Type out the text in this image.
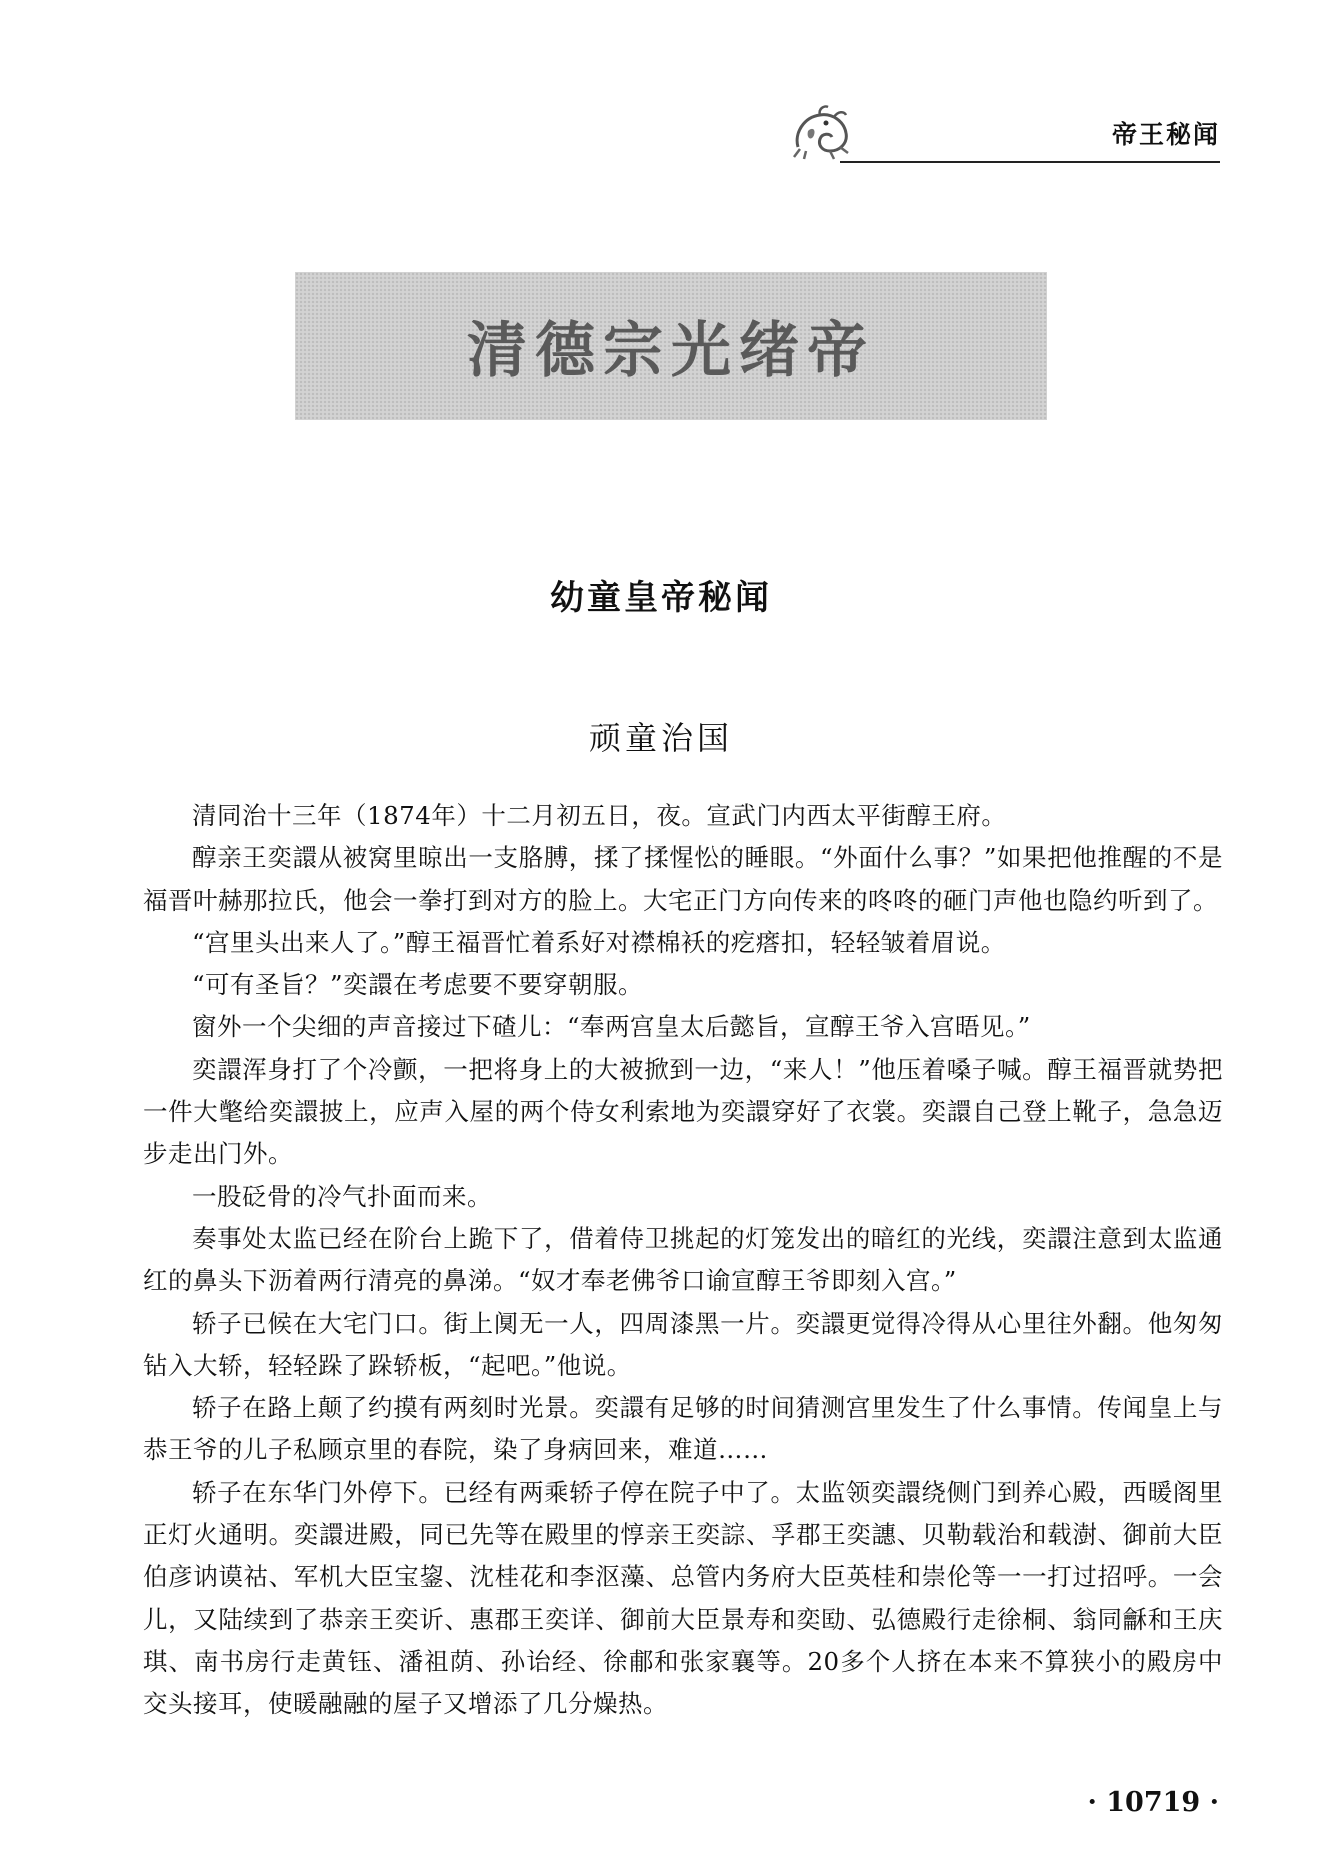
帝王秘闻
清德宗光绪帝
幼童皇帝秘闻
顽童治国

清同治十三年（1874年）十二月初五日，夜。宣武门内西太平街醇王府。

醇亲王奕譞从被窝里晾出一支胳膊，揉了揉惺忪的睡眼。“外面什么事？”如果把他推醒的不是福晋叶赫那拉氏，他会一拳打到对方的脸上。大宅正门方向传来的咚咚的砸门声他也隐约听到了。

“宫里头出来人了。”醇王福晋忙着系好对襟棉袄的疙瘩扣，轻轻皱着眉说。

“可有圣旨？”奕譞在考虑要不要穿朝服。

窗外一个尖细的声音接过下碴儿：“奉两宫皇太后懿旨，宣醇王爷入宫晤见。”

奕譞浑身打了个冷颤，一把将身上的大被掀到一边，“来人！”他压着嗓子喊。醇王福晋就势把一件大氅给奕譞披上，应声入屋的两个侍女利索地为奕譞穿好了衣裳。奕譞自己登上靴子，急急迈步走出门外。

一股砭骨的冷气扑面而来。

奏事处太监已经在阶台上跪下了，借着侍卫挑起的灯笼发出的暗红的光线，奕譞注意到太监通红的鼻头下沥着两行清亮的鼻涕。“奴才奉老佛爷口谕宣醇王爷即刻入宫。”

轿子已候在大宅门口。街上阒无一人，四周漆黑一片。奕譞更觉得冷得从心里往外翻。他匆匆钻入大轿，轻轻跺了跺轿板，“起吧。”他说。

轿子在路上颠了约摸有两刻时光景。奕譞有足够的时间猜测宫里发生了什么事情。传闻皇上与恭王爷的儿子私顾京里的春院，染了身病回来，难道……

轿子在东华门外停下。已经有两乘轿子停在院子中了。太监领奕譞绕侧门到养心殿，西暖阁里正灯火通明。奕譞进殿，同已先等在殿里的惇亲王奕誴、孚郡王奕譓、贝勒载治和载澍、御前大臣伯彦讷谟祜、军机大臣宝鋆、沈桂花和李沤藻、总管内务府大臣英桂和崇伦等一一打过招呼。一会儿，又陆续到了恭亲王奕䜣、惠郡王奕详、御前大臣景寿和奕劻、弘德殿行走徐桐、翁同龢和王庆琪、南书房行走黄钰、潘祖荫、孙诒经、徐郙和张家襄等。20多个人挤在本来不算狭小的殿房中交头接耳，使暖融融的屋子又增添了几分燥热。

· 10719 ·
